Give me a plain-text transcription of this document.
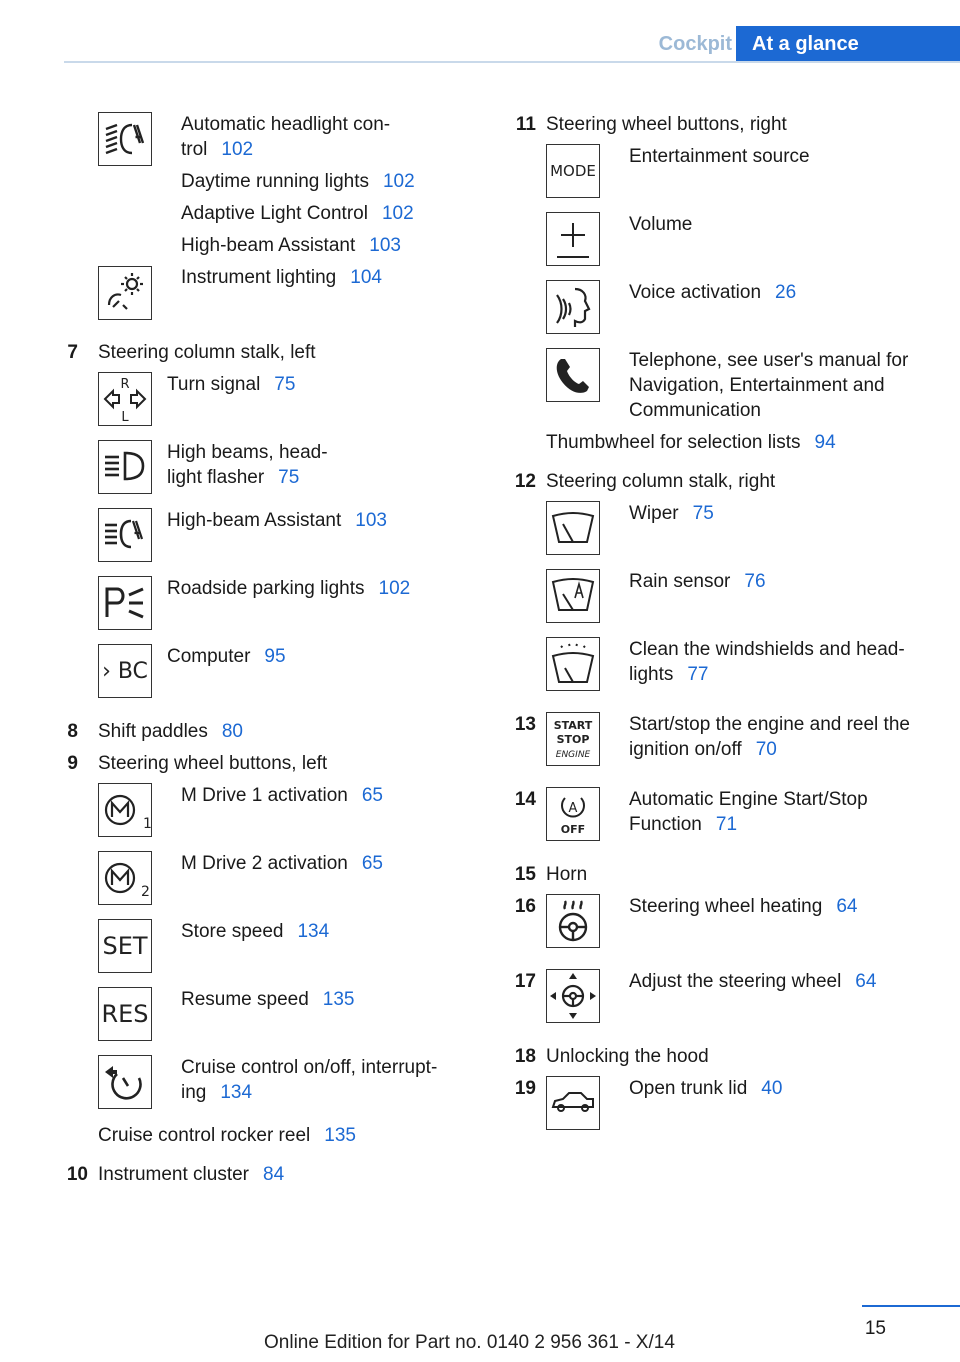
Cockpit	At a glance
Automatic headlight con-
trol 102
Daytime running lights 102
Adaptive Light Control 102
High-beam Assistant 103
Instrument lighting 104
7 Steering column stalk, left
R
L
Turn signal 75
High beams, head-
light flasher 75
High-beam Assistant 103
Roadside parking lights 102
› BC
Computer 95
8 Shift paddles 80
9 Steering wheel buttons, left
1
M Drive 1 activation 65
2
M Drive 2 activation 65
SET Store speed 134
RES Resume speed 135
Cruise control on/off, interrupt-
ing 134
Cruise control rocker reel 135
10 Instrument cluster 84
11 Steering wheel buttons, right
MODE
Entertainment source
Volume
Voice activation 26
Telephone, see user's manual for
Navigation, Entertainment and
Communication
Thumbwheel for selection lists 94
12 Steering column stalk, right
Wiper 75
Rain sensor 76
Clean the windshields and head-
lights 77
13 START
STOP
ENGINE
Start/stop the engine and reel the
ignition on/off 70
14	A
OFF
Automatic Engine Start/Stop
Function 71
15 Horn
16	Steering wheel heating 64
17	Adjust the steering wheel 64
18 Unlocking the hood
19	Open trunk lid 40
15
Online Edition for Part no. 0140 2 956 361 - X/14
